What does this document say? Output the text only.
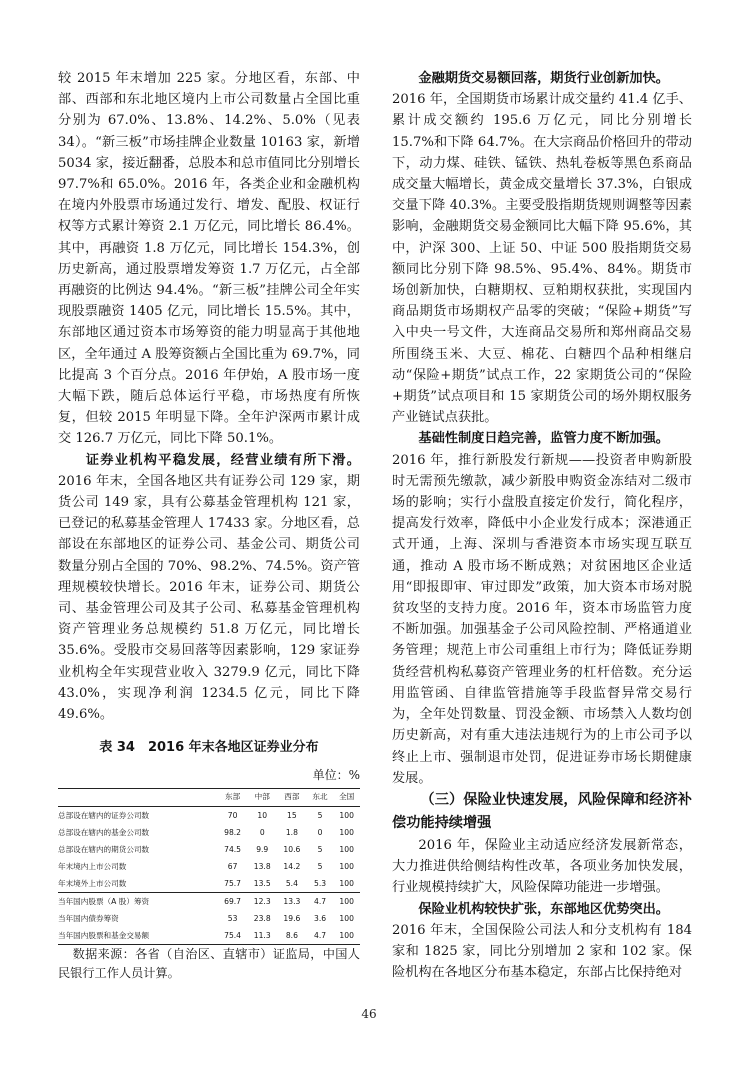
较 2015 年末增加 225 家。分地区看，东部、中部、西部和东北地区境内上市公司数量占全国比重分别为 67.0%、13.8%、14.2%、5.0%（见表 34）。“新三板”市场挂牌企业数量 10163 家，新增 5034 家，接近翻番，总股本和总市值同比分别增长 97.7%和 65.0%。2016 年，各类企业和金融机构在境内外股票市场通过发行、增发、配股、权证行权等方式累计筹资 2.1 万亿元，同比增长 86.4%。其中，再融资 1.8 万亿元，同比增长 154.3%，创历史新高，通过股票增发筹资 1.7 万亿元，占全部再融资的比例达 94.4%。“新三板”挂牌公司全年实现股票融资 1405 亿元，同比增长 15.5%。其中，东部地区通过资本市场筹资的能力明显高于其他地区，全年通过 A 股筹资额占全国比重为 69.7%，同比提高 3 个百分点。2016 年伊始，A 股市场一度大幅下跌，随后总体运行平稳，市场热度有所恢复，但较 2015 年明显下降。全年沪深两市累计成交 126.7 万亿元，同比下降 50.1%。

证券业机构平稳发展，经营业绩有所下滑。2016 年末，全国各地区共有证券公司 129 家，期货公司 149 家，具有公募基金管理机构 121 家，已登记的私募基金管理人 17433 家。分地区看，总部设在东部地区的证券公司、基金公司、期货公司数量分别占全国的 70%、98.2%、74.5%。资产管理规模较快增长。2016 年末，证券公司、期货公司、基金管理公司及其子公司、私募基金管理机构资产管理业务总规模约 51.8 万亿元，同比增长 35.6%。受股市交易回落等因素影响，129 家证券业机构全年实现营业收入 3279.9 亿元，同比下降 43.0%，实现净利润 1234.5 亿元，同比下降 49.6%。

表 34　2016 年末各地区证券业分布
单位：%
	东部	中部	西部	东北	全国
总部设在辖内的证券公司数	70	10	15	5	100
总部设在辖内的基金公司数	98.2	0	1.8	0	100
总部设在辖内的期货公司数	74.5	9.9	10.6	5	100
年末境内上市公司数	67	13.8	14.2	5	100
年末境外上市公司数	75.7	13.5	5.4	5.3	100
当年国内股票（A 股）筹资	69.7	12.3	13.3	4.7	100
当年国内债券筹资	53	23.8	19.6	3.6	100
当年国内股票和基金交易额	75.4	11.3	8.6	4.7	100

数据来源：各省（自治区、直辖市）证监局，中国人民银行工作人员计算。

金融期货交易额回落，期货行业创新加快。

2016 年，全国期货市场累计成交量约 41.4 亿手、累计成交额约 195.6 万亿元，同比分别增长 15.7%和下降 64.7%。在大宗商品价格回升的带动下，动力煤、硅铁、锰铁、热轧卷板等黑色系商品成交量大幅增长，黄金成交量增长 37.3%，白银成交量下降 40.3%。主要受股指期货规则调整等因素影响，金融期货交易金额同比大幅下降 95.6%，其中，沪深 300、上证 50、中证 500 股指期货交易额同比分别下降 98.5%、95.4%、84%。期货市场创新加快，白糖期权、豆粕期权获批，实现国内商品期货市场期权产品零的突破；“保险+期货”写入中央一号文件，大连商品交易所和郑州商品交易所围绕玉米、大豆、棉花、白糖四个品种相继启动“保险+期货”试点工作，22 家期货公司的“保险+期货”试点项目和 15 家期货公司的场外期权服务产业链试点获批。

基础性制度日趋完善，监管力度不断加强。

2016 年，推行新股发行新规——投资者申购新股时无需预先缴款，减少新股申购资金冻结对二级市场的影响；实行小盘股直接定价发行，简化程序，提高发行效率，降低中小企业发行成本；深港通正式开通，上海、深圳与香港资本市场实现互联互通，推动 A 股市场不断成熟；对贫困地区企业适用“即报即审、审过即发”政策，加大资本市场对脱贫攻坚的支持力度。2016 年，资本市场监管力度不断加强。加强基金子公司风险控制、严格通道业务管理；规范上市公司重组上市行为；降低证券期货经营机构私募资产管理业务的杠杆倍数。充分运用监管函、自律监管措施等手段监督异常交易行为，全年处罚数量、罚没金额、市场禁入人数均创历史新高，对有重大违法违规行为的上市公司予以终止上市、强制退市处罚，促进证券市场长期健康发展。

（三）保险业快速发展，风险保障和经济补偿功能持续增强

2016 年，保险业主动适应经济发展新常态，大力推进供给侧结构性改革，各项业务加快发展，行业规模持续扩大，风险保障功能进一步增强。

保险业机构较快扩张，东部地区优势突出。

2016 年末，全国保险公司法人和分支机构有 184 家和 1825 家，同比分别增加 2 家和 102 家。保险机构在各地区分布基本稳定，东部占比保持绝对

46
